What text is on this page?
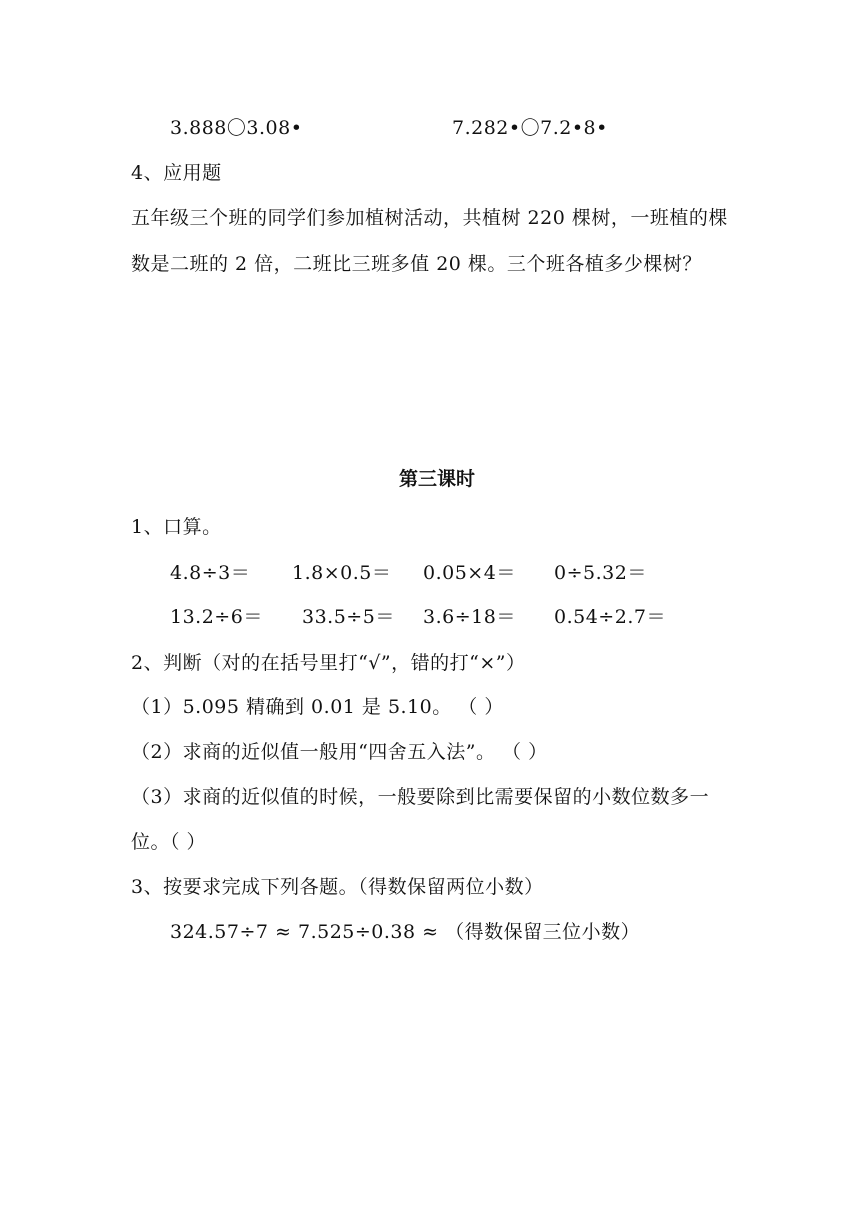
3.888〇3.08•	7.282•〇7.2•8•
4、应用题
五年级三个班的同学们参加植树活动，共植树 220 棵树，一班植的棵
数是二班的 2 倍，二班比三班多值 20 棵。三个班各植多少棵树？
第三课时
1、口算。
4.8÷3＝ 1.8×0.5＝ 0.05×4＝ 0÷5.32＝
13.2÷6＝ 33.5÷5＝ 3.6÷18＝ 0.54÷2.7＝
2、判断（对的在括号里打“√”，错的打“×”）
（1）5.095 精确到 0.01 是 5.10。 （ ）
（2）求商的近似值一般用“四舍五入法”。 （ ）
（3）求商的近似值的时候，一般要除到比需要保留的小数位数多一
位。（ ）
3、按要求完成下列各题。（得数保留两位小数）
324.57÷7 ≈ 7.525÷0.38 ≈ （得数保留三位小数）
